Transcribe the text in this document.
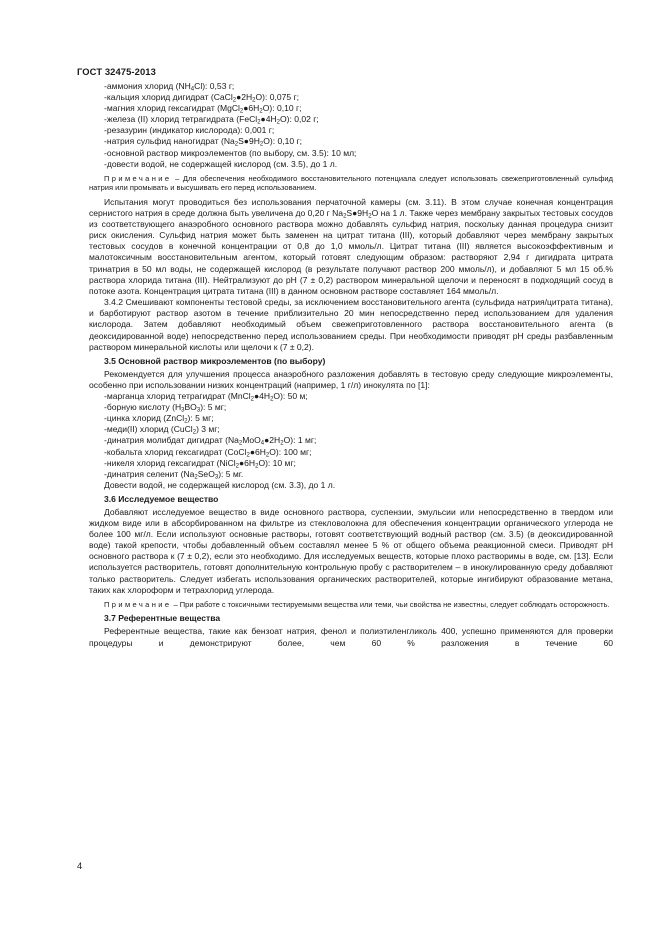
ГОСТ 32475-2013
-аммония хлорид $(NH_4Cl)$: 0,53 г;
-кальция хлорид дигидрат $(CaCl_2●2H_2O)$: 0,075 г;
-магния хлорид гексагидрат $(MgCl_2●6H_2O)$: 0,10 г;
-железа (II) хлорид тетрагидрата $(FeCl_2●4H_2O)$: 0,02 г;
-резазурин (индикатор кислорода): 0,001 г;
-натрия сульфид наногидрат $(Na_2S●9H_2O)$: 0,10 г;
-основной раствор микроэлементов (по выбору, см. 3.5): 10 мл;
-довести водой, не содержащей кислород (см. 3.5), до 1 л.
Примечание – Для обеспечения необходимого восстановительного потенциала следует использовать свежеприготовленный сульфид натрия или промывать и высушивать его перед использованием.
Испытания могут проводиться без использования перчаточной камеры (см. 3.11). В этом случае конечная концентрация сернистого натрия в среде должна быть увеличена до 0,20 г $Na_2S●9H_2O$ на 1 л. Также через мембрану закрытых тестовых сосудов из соответствующего анаэробного основного раствора можно добавлять сульфид натрия, поскольку данная процедура снизит риск окисления. Сульфид натрия может быть заменен на цитрат титана (III), который добавляют через мембрану закрытых тестовых сосудов в конечной концентрации от 0,8 до 1,0 ммоль/л. Цитрат титана (III) является высокоэффективным и малотоксичным восстановительным агентом, который готовят следующим образом: растворяют 2,94 г дигидрата цитрата тринатрия в 50 мл воды, не содержащей кислород (в результате получают раствор 200 ммоль/л), и добавляют 5 мл 15 об.% раствора хлорида титана (III). Нейтрализуют до pH (7 ± 0,2) раствором минеральной щелочи и переносят в подходящий сосуд в потоке азота. Концентрация цитрата титана (III) в данном основном растворе составляет 164 ммоль/л.
3.4.2 Смешивают компоненты тестовой среды, за исключением восстановительного агента (сульфида натрия/цитрата титана), и барботируют раствор азотом в течение приблизительно 20 мин непосредственно перед использованием для удаления кислорода. Затем добавляют необходимый объем свежеприготовленного раствора восстановительного агента (в деоксидированной воде) непосредственно перед использованием среды. При необходимости приводят pH среды разбавленным раствором минеральной кислоты или щелочи к (7 ± 0,2).
3.5 Основной раствор микроэлементов (по выбору)
Рекомендуется для улучшения процесса анаэробного разложения добавлять в тестовую среду следующие микроэлементы, особенно при использовании низких концентраций (например, 1 г/л) инокулята по [1]:
-марганца хлорид тетрагидрат $(MnCl_2●4H_2O)$: 50 м;
-борную кислоту $(H_3BO_3)$: 5 мг;
-цинка хлорид (ZnCl$_2$): 5 мг;
-меди(II) хлорид (CuCl$_2$) 3 мг;
-динатрия молибдат дигидрат $(Na_2MoO_4●2H_2O)$: 1 мг;
-кобальта хлорид гексагидрат $(CoCl_2●6H_2O)$: 100 мг;
-никеля хлорид гексагидрат $(NiCl_2●6H_2O)$: 10 мг;
-динатрия селенит $(Na_2SeO_3)$: 5 мг.
Довести водой, не содержащей кислород (см. 3.3), до 1 л.
3.6 Исследуемое вещество
Добавляют исследуемое вещество в виде основного раствора, суспензии, эмульсии или непосредственно в твердом или жидком виде или в абсорбированном на фильтре из стекловолокна для обеспечения концентрации органического углерода не более 100 мг/л. Если используют основные растворы, готовят соответствующий водный раствор (см. 3.5) (в деоксидированной воде) такой крепости, чтобы добавленный объем составлял менее 5 % от общего объема реакционной смеси. Приводят pH основного раствора к (7 ± 0,2), если это необходимо. Для исследуемых веществ, которые плохо растворимы в воде, см. [13]. Если используется растворитель, готовят дополнительную контрольную пробу с растворителем – в инокулированную среду добавляют только растворитель. Следует избегать использования органических растворителей, которые ингибируют образование метана, таких как хлороформ и тетрахлорид углерода.
Примечание – При работе с токсичными тестируемыми вещества или теми, чьи свойства не известны, следует соблюдать осторожность.
3.7 Референтные вещества
Референтные вещества, такие как бензоат натрия, фенол и полиэтиленгликоль 400, успешно применяются для проверки процедуры и демонстрируют более, чем 60 % разложения в течение 60
4
